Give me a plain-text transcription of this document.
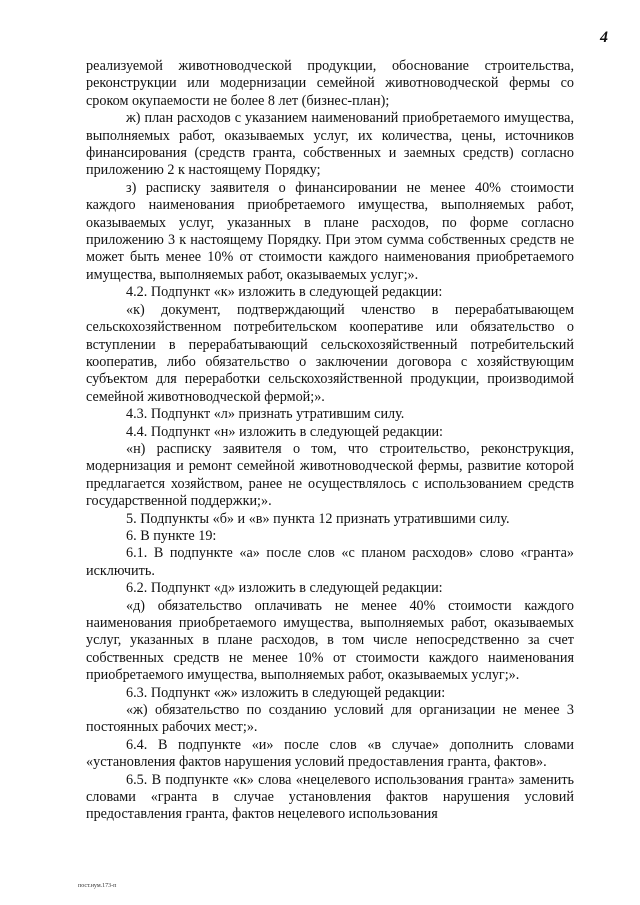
4

реализуемой животноводческой продукции, обоснование строительства, реконструкции или модернизации семейной животноводческой фермы со сроком окупаемости не более 8 лет (бизнес-план);

ж) план расходов с указанием наименований приобретаемого имущества, выполняемых работ, оказываемых услуг, их количества, цены, источников финансирования (средств гранта, собственных и заемных средств) согласно приложению 2 к настоящему Порядку;

з) расписку заявителя о финансировании не менее 40% стоимости каждого наименования приобретаемого имущества, выполняемых работ, оказываемых услуг, указанных в плане расходов, по форме согласно приложению 3 к настоящему Порядку. При этом сумма собственных средств не может быть менее 10% от стоимости каждого наименования приобретаемого имущества, выполняемых работ, оказываемых услуг;».

4.2. Подпункт «к» изложить в следующей редакции:

«к) документ, подтверждающий членство в перерабатывающем сельскохозяйственном потребительском кооперативе или обязательство о вступлении в перерабатывающий сельскохозяйственный потребительский кооператив, либо обязательство о заключении договора с хозяйствующим субъектом для переработки сельскохозяйственной продукции, производимой семейной животноводческой фермой;».

4.3. Подпункт «л» признать утратившим силу.

4.4. Подпункт «н» изложить в следующей редакции:

«н) расписку заявителя о том, что строительство, реконструкция, модернизация и ремонт семейной животноводческой фермы, развитие которой предлагается хозяйством, ранее не осуществлялось с использованием средств государственной поддержки;».

5. Подпункты «б» и «в» пункта 12 признать утратившими силу.

6. В пункте 19:

6.1. В подпункте «а» после слов «с планом расходов» слово «гранта» исключить.

6.2. Подпункт «д» изложить в следующей редакции:

«д) обязательство оплачивать не менее 40% стоимости каждого наименования приобретаемого имущества, выполняемых работ, оказываемых услуг, указанных в плане расходов, в том числе непосредственно за счет собственных средств не менее 10% от стоимости каждого наименования приобретаемого имущества, выполняемых работ, оказываемых услуг;».

6.3. Подпункт «ж» изложить в следующей редакции:

«ж) обязательство по созданию условий для организации не менее 3 постоянных рабочих мест;».

6.4. В подпункте «и» после слов «в случае» дополнить словами «установления фактов нарушения условий предоставления гранта, фактов».

6.5. В подпункте «к» слова «нецелевого использования гранта» заменить словами «гранта в случае установления фактов нарушения условий предоставления гранта, фактов нецелевого использования

пост.нум.173-п
